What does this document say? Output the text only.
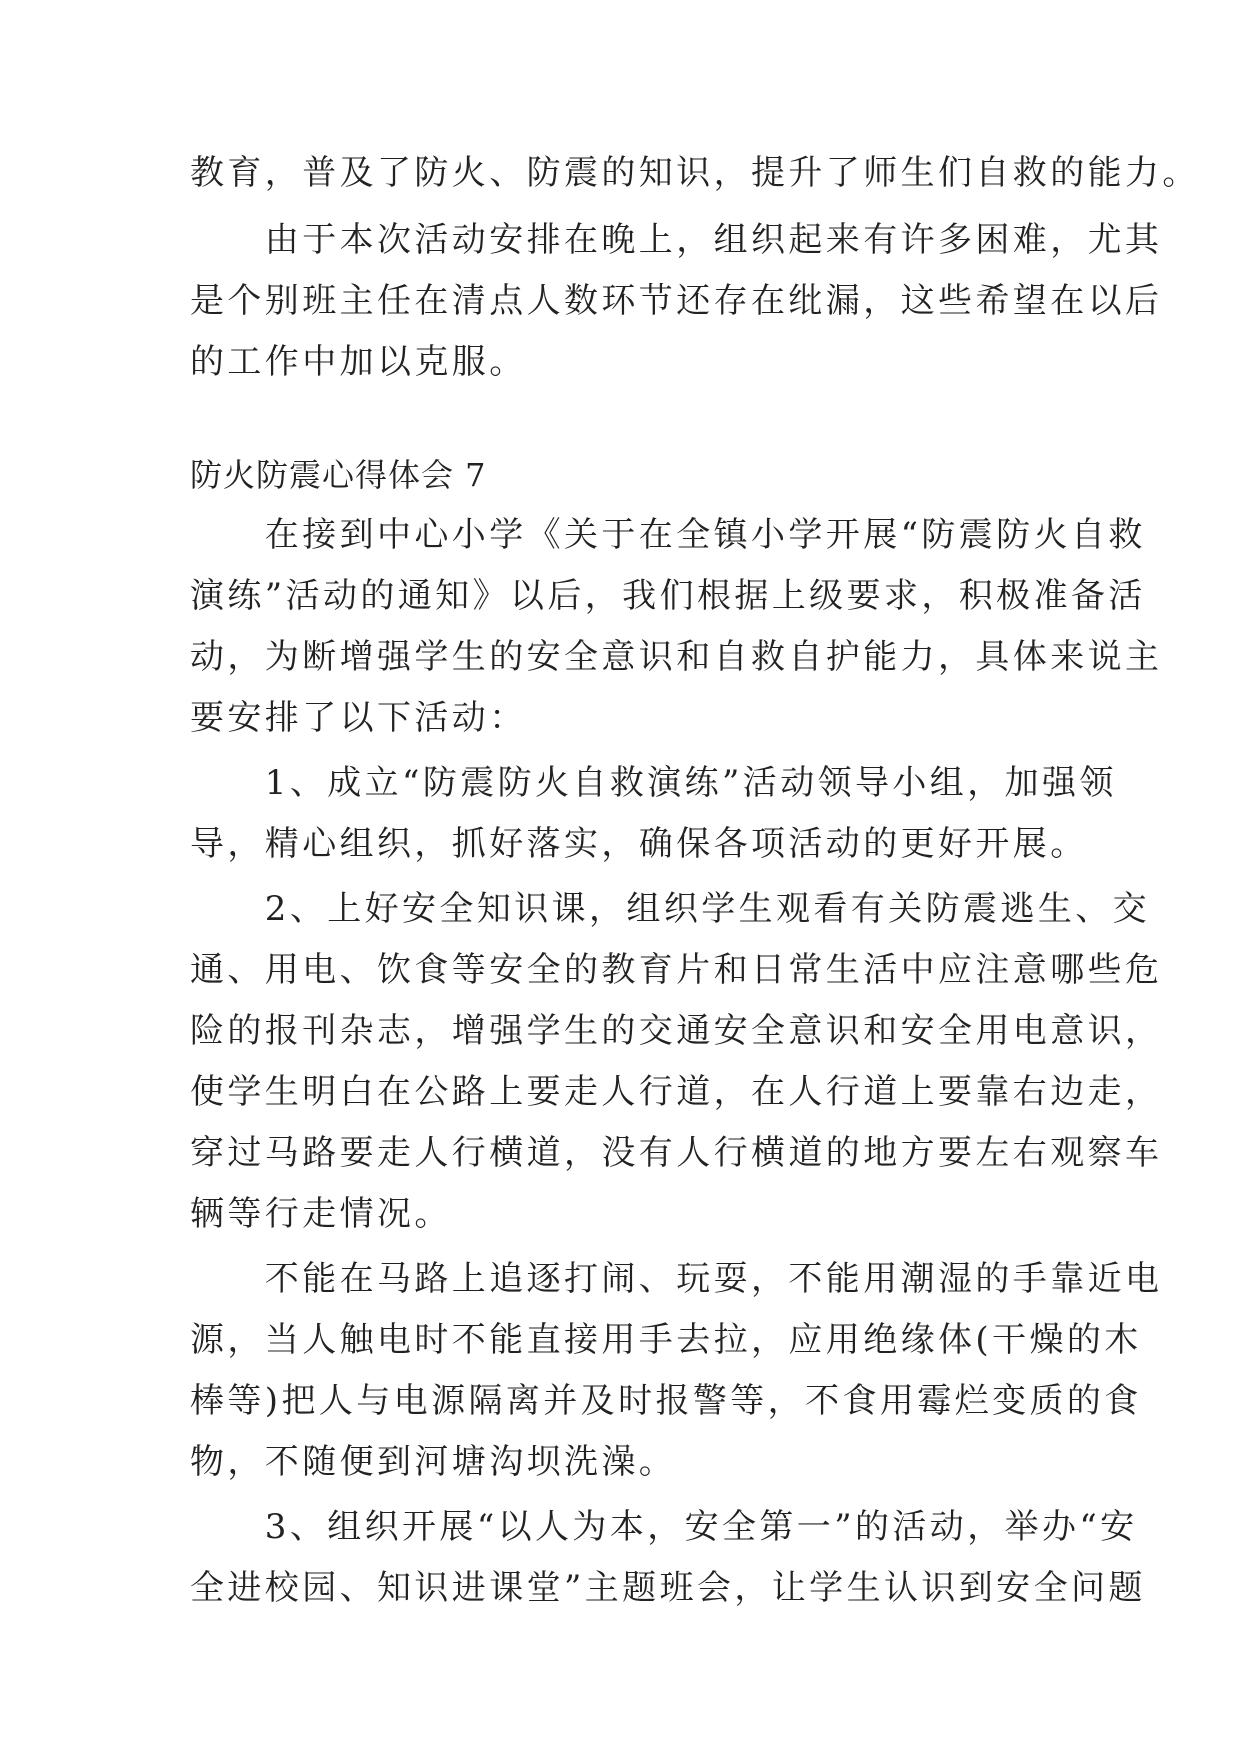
教育，普及了防火、防震的知识，提升了师生们自救的能力。
　　由于本次活动安排在晚上，组织起来有许多困难，尤其
是个别班主任在清点人数环节还存在纰漏，这些希望在以后
的工作中加以克服。
防火防震心得体会 7
　　在接到中心小学《关于在全镇小学开展“防震防火自救
演练”活动的通知》以后，我们根据上级要求，积极准备活
动，为断增强学生的安全意识和自救自护能力，具体来说主
要安排了以下活动：
　　1、成立“防震防火自救演练”活动领导小组，加强领
导，精心组织，抓好落实，确保各项活动的更好开展。
　　2、上好安全知识课，组织学生观看有关防震逃生、交
通、用电、饮食等安全的教育片和日常生活中应注意哪些危
险的报刊杂志，增强学生的交通安全意识和安全用电意识，
使学生明白在公路上要走人行道，在人行道上要靠右边走，
穿过马路要走人行横道，没有人行横道的地方要左右观察车
辆等行走情况。
　　不能在马路上追逐打闹、玩耍，不能用潮湿的手靠近电
源，当人触电时不能直接用手去拉，应用绝缘体(干燥的木
棒等)把人与电源隔离并及时报警等，不食用霉烂变质的食
物，不随便到河塘沟坝洗澡。
　　3、组织开展“以人为本，安全第一”的活动，举办“安
全进校园、知识进课堂”主题班会，让学生认识到安全问题
